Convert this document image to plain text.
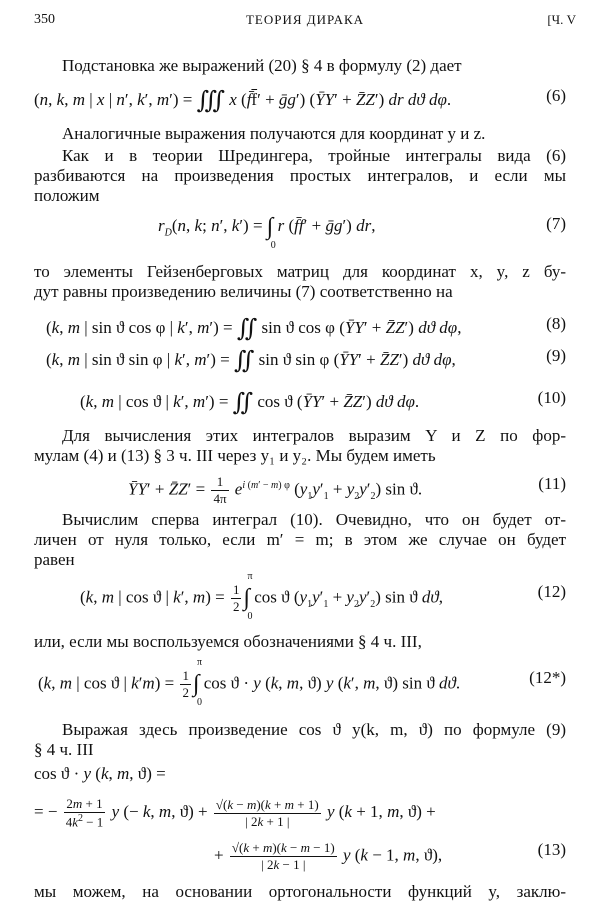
350	ТЕОРИЯ ДИРАКА	[Ч. V
Подстановка же выражений (20) § 4 в формулу (2) дает
(n, k, m | x | n′, k′, m′) = ∭ x ($f̄\overline{f}'$ + ḡg′) (ȲY′ + Z̄Z′) dr dϑ dφ.	(6)
Аналогичные выражения получаются для координат y и z.
Как и в теории Шредингера, тройные интегралы вида (6)
разбиваются на произведения простых интегралов, и если мы
положим
$r_D(n$, k; n′, k′) = ∫
0
r (f̄f′ + ḡg′) dr,	(7)
то элементы Гейзенберговых матриц для координат x, y, z бу-
дут равны произведению величины (7) соответственно на
(k, m | sin ϑ cos φ | k′, m′) = ∬ sin ϑ cos φ (ȲY′ + Z̄Z′) dϑ dφ,	(8)
(k, m | sin ϑ sin φ | k′, m′) = ∬ sin ϑ sin φ (ȲY′ + Z̄Z′) dϑ dφ,	(9)
(k, m | cos ϑ | k′, m′) = ∬ cos ϑ (ȲY′ + Z̄Z′) dϑ dφ.	(10)
Для вычисления этих интегралов выразим Y и Z по фор-
мулам (4) и (13) § 3 ч. III через y₁ и y₂. Мы будем иметь
ȲY′ + Z̄Z′ = $\frac{1}{4\pi} e^{i (m' - m) \varphi}$ $(y_1y'_1 + y_2y'_2)$ sin ϑ.	(11)
Вычислим сперва интеграл (10). Очевидно, что он будет от-
личен от нуля только, если m′ = m; в этом же случае он будет
равен
(k, m | cos ϑ | k′, $m) = \frac{1}{2}$
π
∫
0
cos ϑ $(y_1y'_1 + y_2y'_2)$ sin ϑ dϑ,	(12)
или, если мы воспользуемся обозначениями § 4 ч. III,
(k, m | cos ϑ | $k'm) = \frac{1}{2}$
π
∫
0
cos ϑ · y (k, m, ϑ) y (k′, m, ϑ) sin ϑ dϑ.	(12*)
Выражая здесь произведение cos ϑ y(k, m, ϑ) по формуле (9)
§ 4 ч. III
cos ϑ · y (k, m, ϑ) =
= − $\frac{2m + 1}{4k^2 - 1}$ y (− k, m, $ϑ) + \frac{√(k - m)(k + m + 1)}{| 2k + 1 |}$ y (k + 1, m, ϑ) +
+ $\frac{√(k + m)(k - m - 1)}{| 2k - 1 |}$ y (k − 1, m, ϑ),	(13)
мы можем, на основании ортогональности функций y, заклю-
